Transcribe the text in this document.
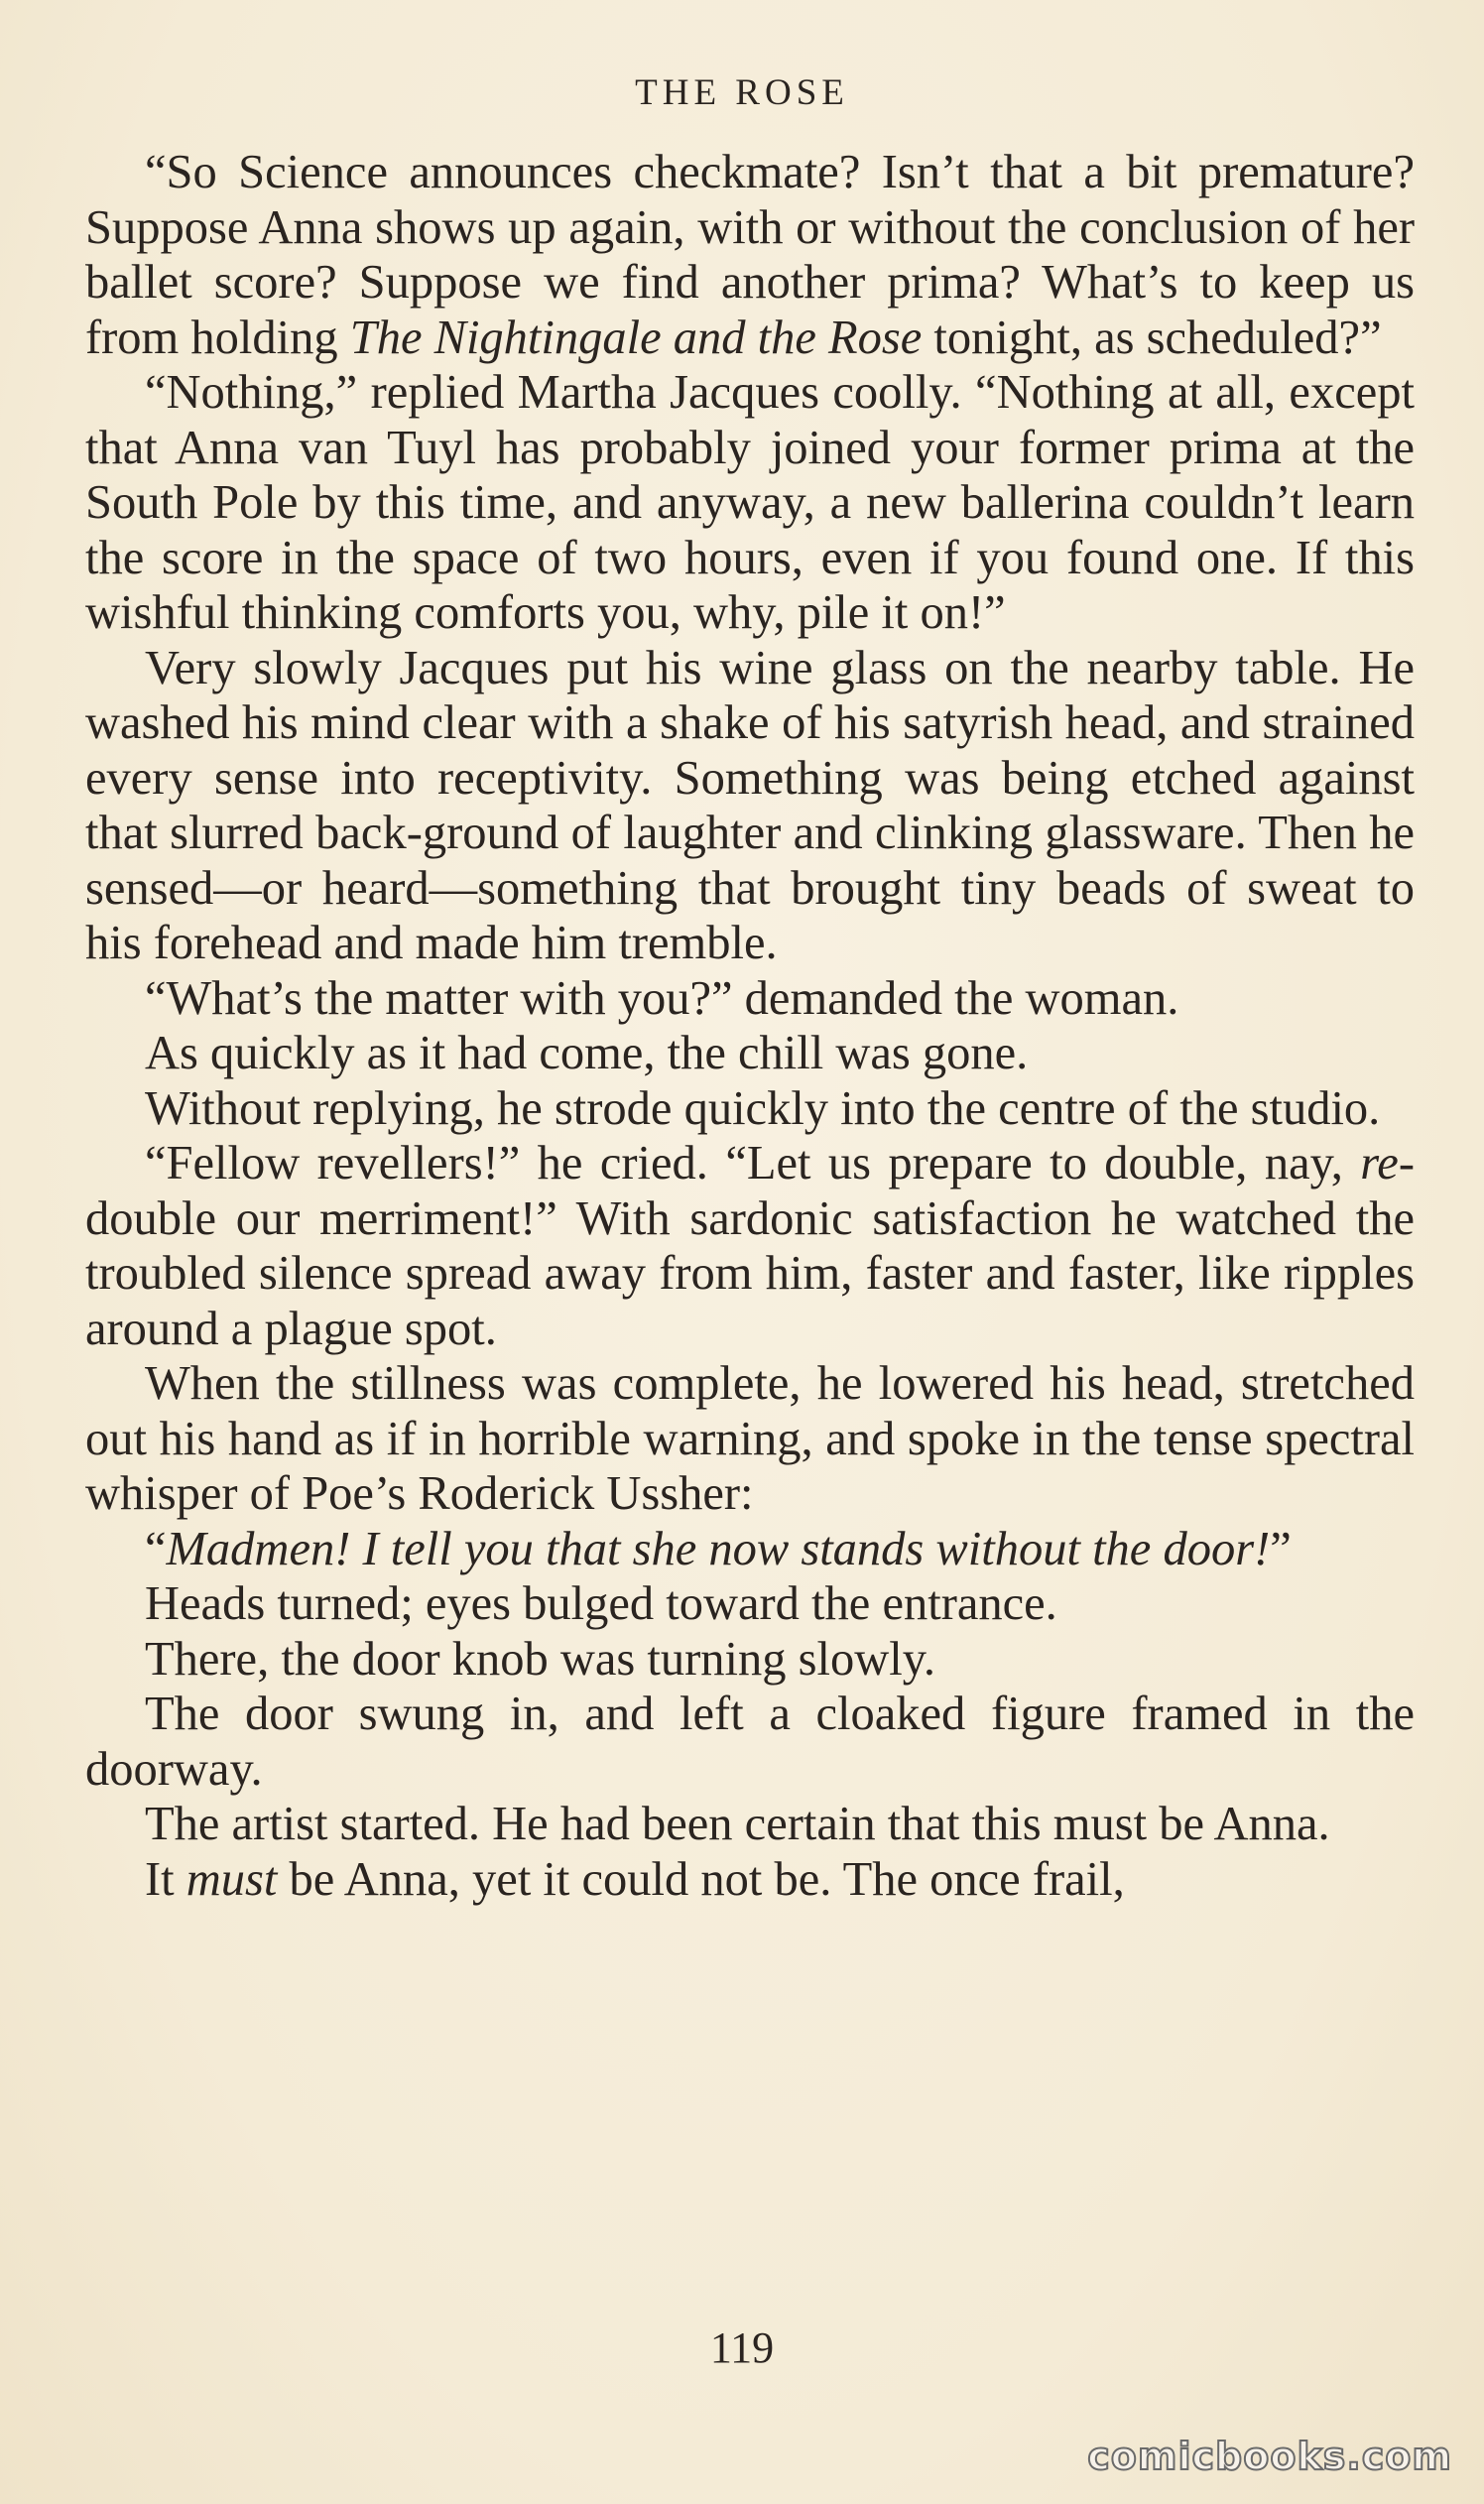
THE ROSE

“So Science announces checkmate? Isn’t that a bit premature? Suppose Anna shows up again, with or without the conclusion of her ballet score? Suppose we find another prima? What’s to keep us from holding The Nightingale and the Rose tonight, as scheduled?”

“Nothing,” replied Martha Jacques coolly. “Nothing at all, except that Anna van Tuyl has probably joined your former prima at the South Pole by this time, and anyway, a new ballerina couldn’t learn the score in the space of two hours, even if you found one. If this wishful thinking comforts you, why, pile it on!”

Very slowly Jacques put his wine glass on the nearby table. He washed his mind clear with a shake of his satyrish head, and strained every sense into receptivity. Something was being etched against that slurred back-ground of laughter and clinking glassware. Then he sensed—or heard—something that brought tiny beads of sweat to his forehead and made him tremble.

“What’s the matter with you?” demanded the woman.

As quickly as it had come, the chill was gone.

Without replying, he strode quickly into the centre of the studio.

“Fellow revellers!” he cried. “Let us prepare to double, nay, re-double our merriment!” With sardonic satisfaction he watched the troubled silence spread away from him, faster and faster, like ripples around a plague spot.

When the stillness was complete, he lowered his head, stretched out his hand as if in horrible warning, and spoke in the tense spectral whisper of Poe’s Roderick Ussher:

“Madmen! I tell you that she now stands without the door!”

Heads turned; eyes bulged toward the entrance.

There, the door knob was turning slowly.

The door swung in, and left a cloaked figure framed in the doorway.

The artist started. He had been certain that this must be Anna.

It must be Anna, yet it could not be. The once frail,

119
comicbooks.com
